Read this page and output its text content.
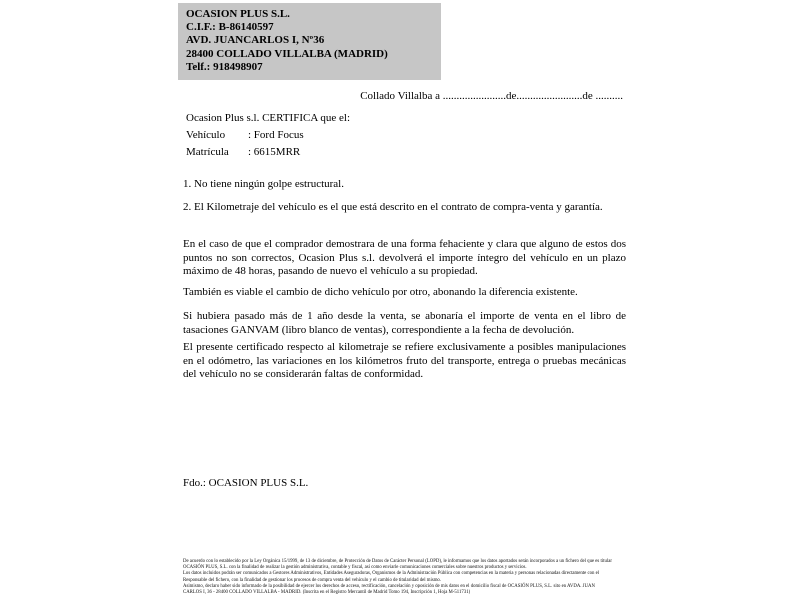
OCASION PLUS S.L.
C.I.F.: B-86140597
AVD. JUANCARLOS I, Nº36
28400 COLLADO VILLALBA (MADRID)
Telf.: 918498907
Collado Villalba a .......................de........................de ..........
Ocasion Plus s.l. CERTIFICA que el:
Vehículo	: Ford Focus
Matrícula	: 6615MRR
1. No tiene ningún golpe estructural.
2. El Kilometraje del vehículo es el que está descrito en el contrato de compra-venta y garantía.
En el caso de que el comprador demostrara de una forma fehaciente y clara que alguno de estos dos puntos no son correctos, Ocasion Plus s.l. devolverá el importe íntegro del vehículo en un plazo máximo de 48 horas, pasando de nuevo el vehículo a su propiedad.
También es viable el cambio de dicho vehículo por otro, abonando la diferencia existente.
Si hubiera pasado más de 1 año desde la venta, se abonaría el importe de venta en el libro de tasaciones GANVAM (libro blanco de ventas), correspondiente a la fecha de devolución.
El presente certificado respecto al kilometraje se refiere exclusivamente a posibles manipulaciones en el odómetro, las variaciones en los kilómetros fruto del transporte, entrega o pruebas mecánicas del vehículo no se considerarán faltas de conformidad.
Fdo.: OCASION PLUS S.L.
De acuerdo con lo establecido por la Ley Orgánica 15/1999, de 13 de diciembre, de Protección de Datos de Carácter Personal (LOPD), le informamos que los datos aportados serán incorporados a un fichero del que es titular
OCASIÓN PLUS, S.L. con la finalidad de realizar la gestión administrativa, contable y fiscal, así como enviarle comunicaciones comerciales sobre nuestros productos y servicios.
Los datos incluidos podrán ser comunicados a Gestores Administrativos, Entidades Aseguradoras, Organismos de la Administración Pública con competencias en la materia y personas relacionadas directamente con el
Responsable del fichero, con la finalidad de gestionar los procesos de compra venta del vehículo y el cambio de titularidad del mismo.
Asimismo, declaro haber sido informado de la posibilidad de ejercer los derechos de acceso, rectificación, cancelación y oposición de mis datos en el domicilio fiscal de OCASIÓN PLUS, S.L. sito en AVDA. JUAN
CARLOS I, 36 - 28400 COLLADO VILLALBA - MADRID. (Inscrita en el Registro Mercantil de Madrid Tomo 194, Inscripción 1, Hoja M-511731)
